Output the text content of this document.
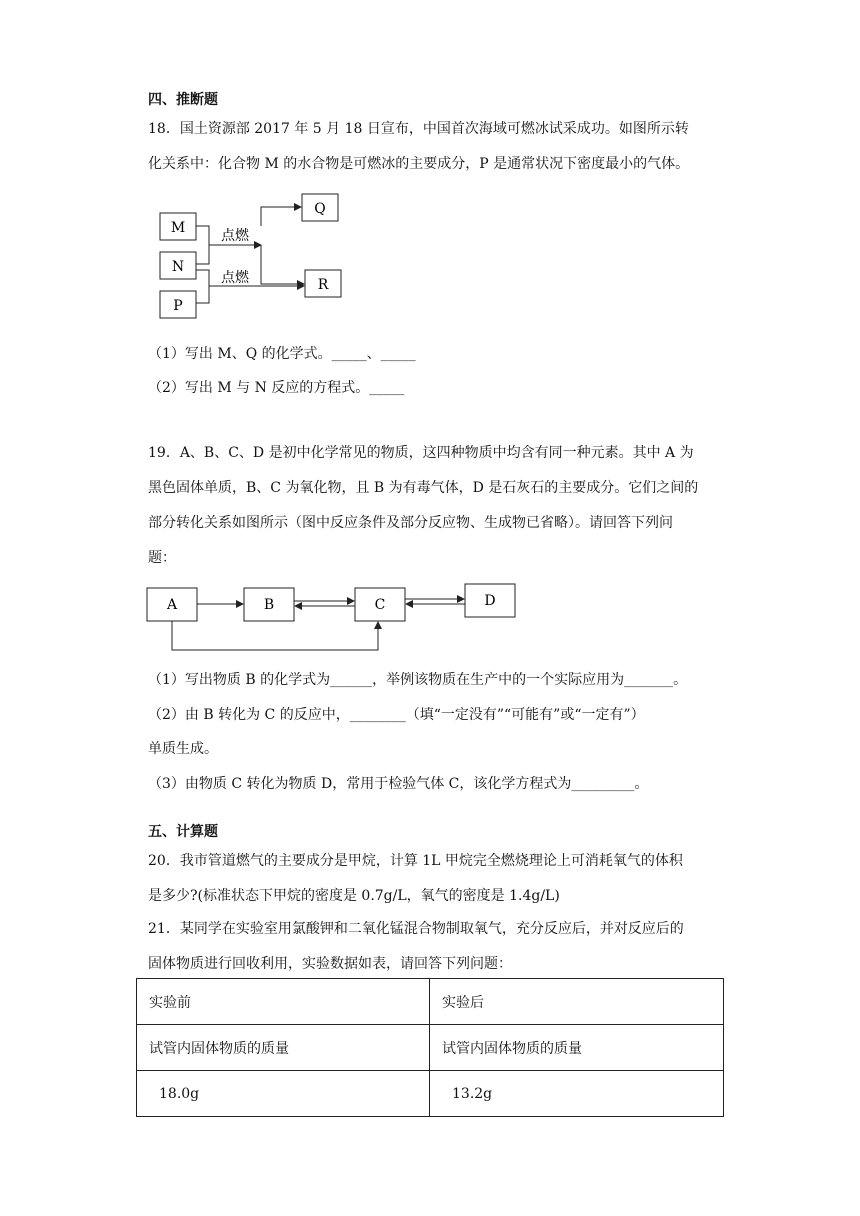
四、推断题
18．国土资源部 2017 年 5 月 18 日宣布，中国首次海域可燃冰试采成功。如图所示转
化关系中：化合物 M 的水合物是可燃冰的主要成分，P 是通常状况下密度最小的气体。
M
N
P
Q
R
点燃
点燃
（1）写出 M、Q 的化学式。_____、_____
（2）写出 M 与 N 反应的方程式。_____
19．A、B、C、D 是初中化学常见的物质，这四种物质中均含有同一种元素。其中 A 为
黑色固体单质，B、C 为氧化物，且 B 为有毒气体，D 是石灰石的主要成分。它们之间的
部分转化关系如图所示（图中反应条件及部分反应物、生成物已省略）。请回答下列问
题：
A	B	C	D
（1）写出物质 B 的化学式为______，举例该物质在生产中的一个实际应用为_______。
（2）由 B 转化为 C 的反应中，________（填“一定没有”“可能有”或“一定有”）
单质生成。
（3）由物质 C 转化为物质 D，常用于检验气体 C，该化学方程式为_________。
五、计算题
20．我市管道燃气的主要成分是甲烷，计算 1L 甲烷完全燃烧理论上可消耗氧气的体积
是多少?(标准状态下甲烷的密度是 0.7g/L，氧气的密度是 1.4g/L)
21．某同学在实验室用氯酸钾和二氧化锰混合物制取氧气，充分反应后，并对反应后的
固体物质进行回收利用，实验数据如表，请回答下列问题：
实验前	实验后
试管内固体物质的质量	试管内固体物质的质量
18.0g	13.2g
